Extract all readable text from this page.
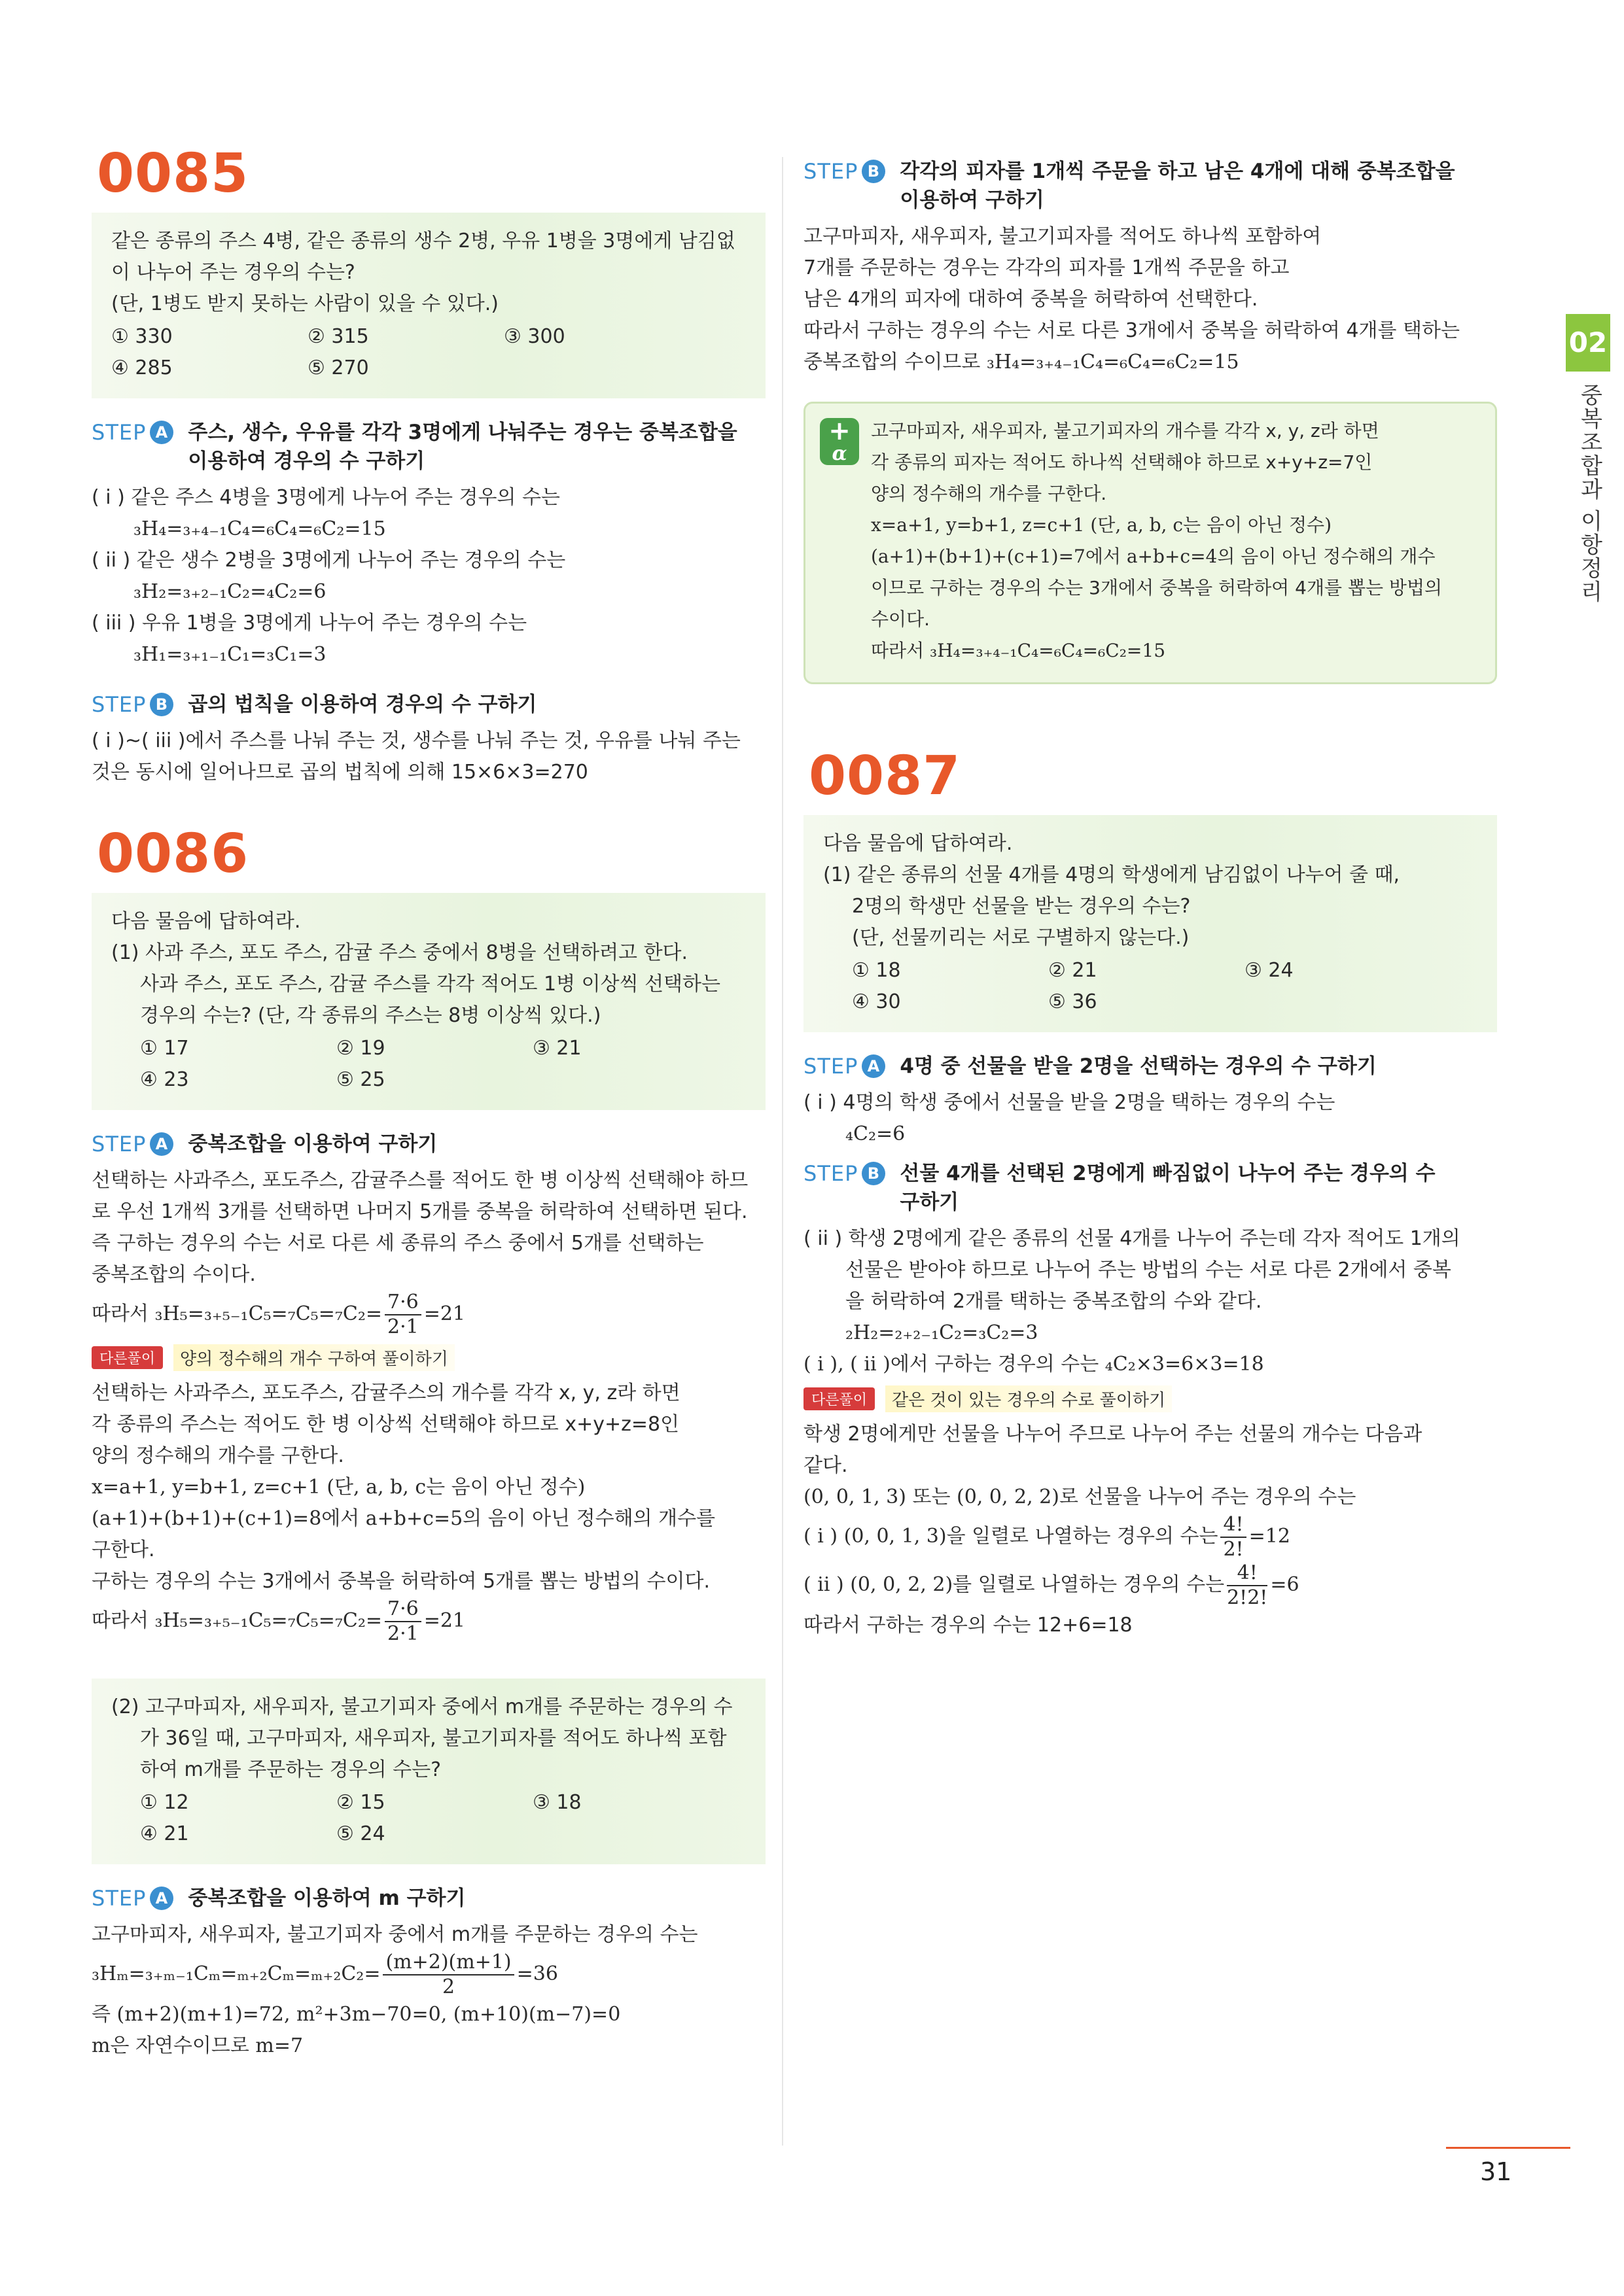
0085

같은 종류의 주스 4병, 같은 종류의 생수 2병, 우유 1병을 3명에게 남김없

이 나누어 주는 경우의 수는?

(단, 1병도 받지 못하는 사람이 있을 수 있다.)

① 330	② 315	③ 300
④ 285	⑤ 270
STEP A 주스, 생수, 우유를 각각 3명에게 나눠주는 경우는 중복조합을
이용하여 경우의 수 구하기

( i ) 같은 주스 4병을 3명에게 나누어 주는 경우의 수는

₃H₄=₃₊₄₋₁C₄=₆C₄=₆C₂=15

( ii ) 같은 생수 2병을 3명에게 나누어 주는 경우의 수는

₃H₂=₃₊₂₋₁C₂=₄C₂=6

( iii ) 우유 1병을 3명에게 나누어 주는 경우의 수는

₃H₁=₃₊₁₋₁C₁=₃C₁=3

STEP B 곱의 법칙을 이용하여 경우의 수 구하기

( i )~( iii )에서 주스를 나눠 주는 것, 생수를 나눠 주는 것, 우유를 나눠 주는

것은 동시에 일어나므로 곱의 법칙에 의해 15×6×3=270

0086

다음 물음에 답하여라.

(1) 사과 주스, 포도 주스, 감귤 주스 중에서 8병을 선택하려고 한다.

사과 주스, 포도 주스, 감귤 주스를 각각 적어도 1병 이상씩 선택하는

경우의 수는? (단, 각 종류의 주스는 8병 이상씩 있다.)

① 17	② 19	③ 21
④ 23	⑤ 25
STEP A 중복조합을 이용하여 구하기

선택하는 사과주스, 포도주스, 감귤주스를 적어도 한 병 이상씩 선택해야 하므

로 우선 1개씩 3개를 선택하면 나머지 5개를 중복을 허락하여 선택하면 된다.

즉 구하는 경우의 수는 서로 다른 세 종류의 주스 중에서 5개를 선택하는

중복조합의 수이다.

따라서 $_3H_5=_{3+5-1}C_5=_7C_5=_7C_2= \frac{7\cdot 6}{2\cdot 1} =21$

다른풀이	양의 정수해의 개수 구하여 풀이하기

선택하는 사과주스, 포도주스, 감귤주스의 개수를 각각 x, y, z라 하면

각 종류의 주스는 적어도 한 병 이상씩 선택해야 하므로 x+y+z=8인

양의 정수해의 개수를 구한다.

x=a+1, y=b+1, z=c+1 (단, a, b, c는 음이 아닌 정수)

(a+1)+(b+1)+(c+1)=8에서 a+b+c=5의 음이 아닌 정수해의 개수를

구한다.

구하는 경우의 수는 3개에서 중복을 허락하여 5개를 뽑는 방법의 수이다.

따라서 $_3H_5=_{3+5-1}C_5=_7C_5=_7C_2= \frac{7\cdot 6}{2\cdot 1} =21$

(2) 고구마피자, 새우피자, 불고기피자 중에서 m개를 주문하는 경우의 수

가 36일 때, 고구마피자, 새우피자, 불고기피자를 적어도 하나씩 포함

하여 m개를 주문하는 경우의 수는?

① 12	② 15	③ 18
④ 21	⑤ 24
STEP A 중복조합을 이용하여 m 구하기

고구마피자, 새우피자, 불고기피자 중에서 m개를 주문하는 경우의 수는

$_3H_m=_{3+m-1}C_m=_{m+2}C_m=_{m+2}C_2= \frac{(m+2)(m+1)}{2} =36$

즉 (m+2)(m+1)=72, m²+3m−70=0, (m+10)(m−7)=0

m은 자연수이므로 m=7

STEP B 각각의 피자를 1개씩 주문을 하고 남은 4개에 대해 중복조합을
이용하여 구하기

고구마피자, 새우피자, 불고기피자를 적어도 하나씩 포함하여

7개를 주문하는 경우는 각각의 피자를 1개씩 주문을 하고

남은 4개의 피자에 대하여 중복을 허락하여 선택한다.

따라서 구하는 경우의 수는 서로 다른 3개에서 중복을 허락하여 4개를 택하는

중복조합의 수이므로 ₃H₄=₃₊₄₋₁C₄=₆C₄=₆C₂=15

+
α

고구마피자, 새우피자, 불고기피자의 개수를 각각 x, y, z라 하면

각 종류의 피자는 적어도 하나씩 선택해야 하므로 x+y+z=7인

양의 정수해의 개수를 구한다.

x=a+1, y=b+1, z=c+1 (단, a, b, c는 음이 아닌 정수)

(a+1)+(b+1)+(c+1)=7에서 a+b+c=4의 음이 아닌 정수해의 개수

이므로 구하는 경우의 수는 3개에서 중복을 허락하여 4개를 뽑는 방법의

수이다.

따라서 ₃H₄=₃₊₄₋₁C₄=₆C₄=₆C₂=15

0087

다음 물음에 답하여라.

(1) 같은 종류의 선물 4개를 4명의 학생에게 남김없이 나누어 줄 때,

2명의 학생만 선물을 받는 경우의 수는?

(단, 선물끼리는 서로 구별하지 않는다.)

① 18	② 21	③ 24
④ 30	⑤ 36
STEP A 4명 중 선물을 받을 2명을 선택하는 경우의 수 구하기

( i ) 4명의 학생 중에서 선물을 받을 2명을 택하는 경우의 수는

₄C₂=6

STEP B 선물 4개를 선택된 2명에게 빠짐없이 나누어 주는 경우의 수
구하기

( ii ) 학생 2명에게 같은 종류의 선물 4개를 나누어 주는데 각자 적어도 1개의

선물은 받아야 하므로 나누어 주는 방법의 수는 서로 다른 2개에서 중복

을 허락하여 2개를 택하는 중복조합의 수와 같다.

₂H₂=₂₊₂₋₁C₂=₃C₂=3

( i ), ( ii )에서 구하는 경우의 수는 ₄C₂×3=6×3=18

다른풀이	같은 것이 있는 경우의 수로 풀이하기

학생 2명에게만 선물을 나누어 주므로 나누어 주는 선물의 개수는 다음과

같다.

(0, 0, 1, 3) 또는 (0, 0, 2, 2)로 선물을 나누어 주는 경우의 수는

( i ) (0, 0, 1, 3)을 일렬로 나열하는 경우의 수는 $\frac{4!}{2!} =12$

( ii ) (0, 0, 2, 2)를 일렬로 나열하는 경우의 수는 $\frac{4!}{2!2!} =6$

따라서 구하는 경우의 수는 12+6=18

02
중복조합과 이항정리
31
